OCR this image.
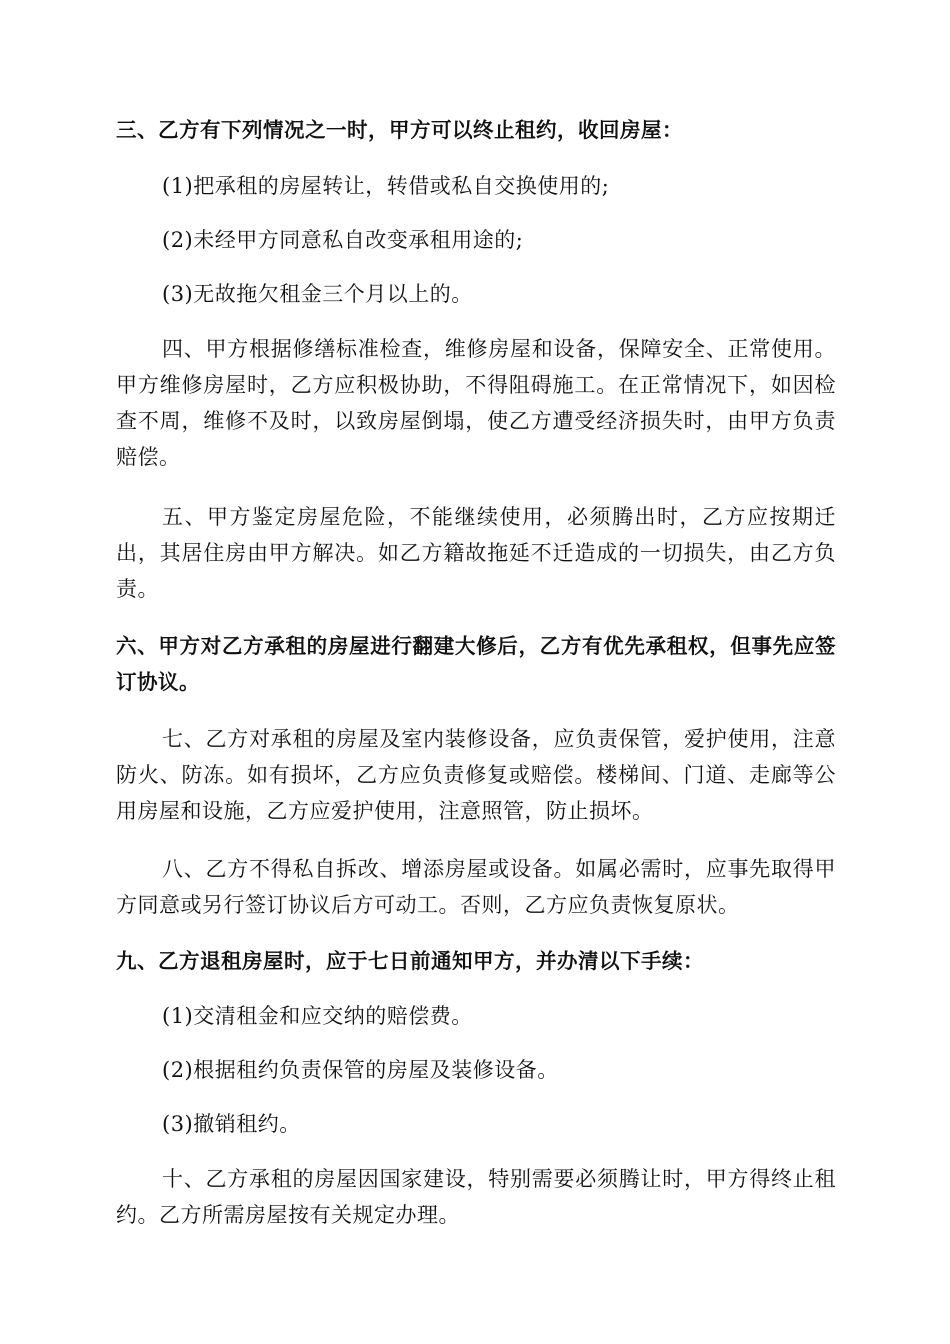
三、乙方有下列情况之一时，甲方可以终止租约，收回房屋：

(1)把承租的房屋转让，转借或私自交换使用的;

(2)未经甲方同意私自改变承租用途的;

(3)无故拖欠租金三个月以上的。

四、甲方根据修缮标准检查，维修房屋和设备，保障安全、正常使用。甲方维修房屋时，乙方应积极协助，不得阻碍施工。在正常情况下，如因检查不周，维修不及时，以致房屋倒塌，使乙方遭受经济损失时，由甲方负责赔偿。

五、甲方鉴定房屋危险，不能继续使用，必须腾出时，乙方应按期迁出，其居住房由甲方解决。如乙方籍故拖延不迁造成的一切损失，由乙方负责。

六、甲方对乙方承租的房屋进行翻建大修后，乙方有优先承租权，但事先应签订协议。

七、乙方对承租的房屋及室内装修设备，应负责保管，爱护使用，注意防火、防冻。如有损坏，乙方应负责修复或赔偿。楼梯间、门道、走廊等公用房屋和设施，乙方应爱护使用，注意照管，防止损坏。

八、乙方不得私自拆改、增添房屋或设备。如属必需时，应事先取得甲方同意或另行签订协议后方可动工。否则，乙方应负责恢复原状。

九、乙方退租房屋时，应于七日前通知甲方，并办清以下手续：

(1)交清租金和应交纳的赔偿费。

(2)根据租约负责保管的房屋及装修设备。

(3)撤销租约。

十、乙方承租的房屋因国家建设，特别需要必须腾让时，甲方得终止租约。乙方所需房屋按有关规定办理。
